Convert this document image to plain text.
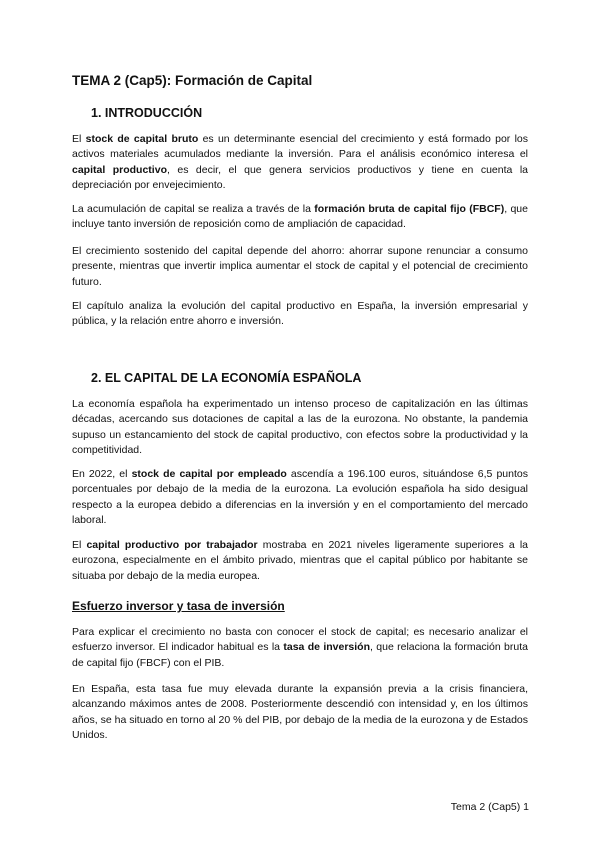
TEMA 2 (Cap5): Formación de Capital
1. INTRODUCCIÓN

El stock de capital bruto es un determinante esencial del crecimiento y está formado por los activos materiales acumulados mediante la inversión. Para el análisis económico interesa el capital productivo, es decir, el que genera servicios productivos y tiene en cuenta la depreciación por envejecimiento.

La acumulación de capital se realiza a través de la formación bruta de capital fijo (FBCF), que incluye tanto inversión de reposición como de ampliación de capacidad.

El crecimiento sostenido del capital depende del ahorro: ahorrar supone renunciar a consumo presente, mientras que invertir implica aumentar el stock de capital y el potencial de crecimiento futuro.

El capítulo analiza la evolución del capital productivo en España, la inversión empresarial y pública, y la relación entre ahorro e inversión.

2. EL CAPITAL DE LA ECONOMÍA ESPAÑOLA

La economía española ha experimentado un intenso proceso de capitalización en las últimas décadas, acercando sus dotaciones de capital a las de la eurozona. No obstante, la pandemia supuso un estancamiento del stock de capital productivo, con efectos sobre la productividad y la competitividad.

En 2022, el stock de capital por empleado ascendía a 196.100 euros, situándose 6,5 puntos porcentuales por debajo de la media de la eurozona. La evolución española ha sido desigual respecto a la europea debido a diferencias en la inversión y en el comportamiento del mercado laboral.

El capital productivo por trabajador mostraba en 2021 niveles ligeramente superiores a la eurozona, especialmente en el ámbito privado, mientras que el capital público por habitante se situaba por debajo de la media europea.

Esfuerzo inversor y tasa de inversión

Para explicar el crecimiento no basta con conocer el stock de capital; es necesario analizar el esfuerzo inversor. El indicador habitual es la tasa de inversión, que relaciona la formación bruta de capital fijo (FBCF) con el PIB.

En España, esta tasa fue muy elevada durante la expansión previa a la crisis financiera, alcanzando máximos antes de 2008. Posteriormente descendió con intensidad y, en los últimos años, se ha situado en torno al 20 % del PIB, por debajo de la media de la eurozona y de Estados Unidos.

Tema 2 (Cap5) 1
